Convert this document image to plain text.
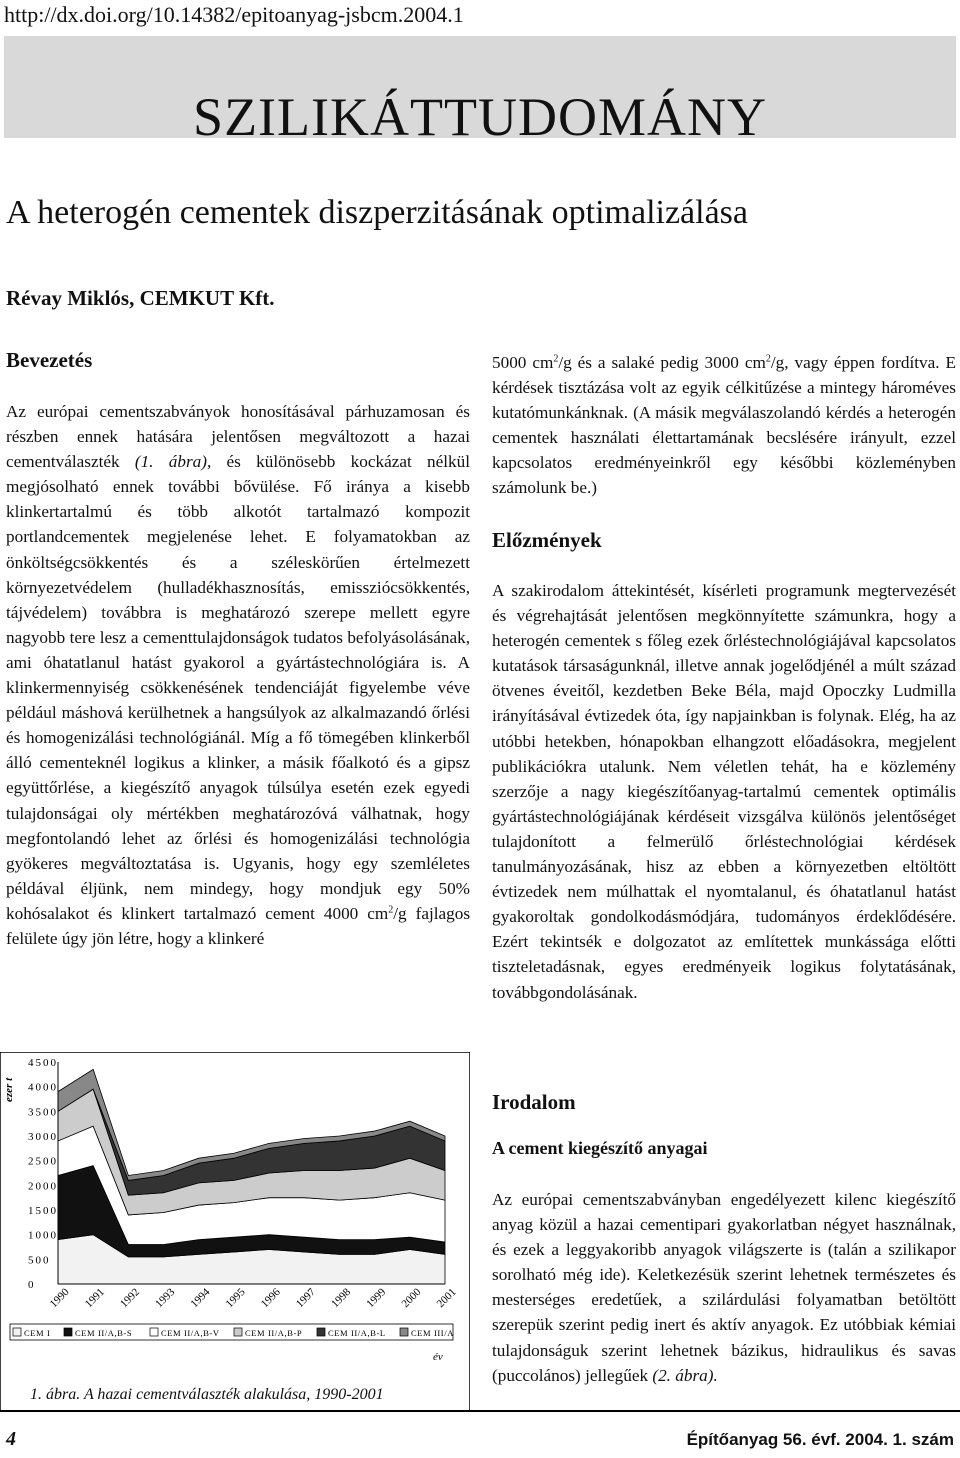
http://dx.doi.org/10.14382/epitoanyag-jsbcm.2004.1
SZILIKÁTTUDOMÁNY
A heterogén cementek diszperzitásának optimalizálása
Révay Miklós, CEMKUT Kft.
Bevezetés

Az európai cementszabványok honosításával párhuzamosan és részben ennek hatására jelentősen megváltozott a hazai cementválaszték (1. ábra), és különösebb kockázat nélkül megjósolható ennek további bővülése. Fő iránya a kisebb klinkertartalmú és több alkotót tartalmazó kompozit portlandcementek megjelenése lehet. E folyamatokban az önköltségcsökkentés és a széleskörűen értelmezett környezetvédelem (hulladékhasznosítás, emissziócsökkentés, tájvédelem) továbbra is meghatározó szerepe mellett egyre nagyobb tere lesz a cementtulajdonságok tudatos befolyásolásának, ami óhatatlanul hatást gyakorol a gyártástechnológiára is. A klinkermennyiség csökkenésének tendenciáját figyelembe véve például máshová kerülhetnek a hangsúlyok az alkalmazandó őrlési és homogenizálási technológiánál. Míg a fő tömegében klinkerből álló cementeknél logikus a klinker, a másik főalkotó és a gipsz együttőrlése, a kiegészítő anyagok túlsúlya esetén ezek egyedi tulajdonságai oly mértékben meghatározóvá válhatnak, hogy megfontolandó lehet az őrlési és homogenizálási technológia gyökeres megváltoztatása is. Ugyanis, hogy egy szemléletes példával éljünk, nem mindegy, hogy mondjuk egy 50% kohósalakot és klinkert tartalmazó cement 4000 $cm^2/g$ fajlagos felülete úgy jön létre, hogy a klinkeré

5000 $cm^2/g$ és a salaké pedig 3000 $cm^2/g$, vagy éppen fordítva. E kérdések tisztázása volt az egyik célkitűzése a mintegy hároméves kutatómunkánknak. (A másik megválaszolandó kérdés a heterogén cementek használati élettartamának becslésére irányult, ezzel kapcsolatos eredményeinkről egy későbbi közleményben számolunk be.)

Előzmények

A szakirodalom áttekintését, kísérleti programunk megtervezését és végrehajtását jelentősen megkönnyítette számunkra, hogy a heterogén cementek s főleg ezek őrléstechnológiájával kapcsolatos kutatások társaságunknál, illetve annak jogelődjénél a múlt század ötvenes éveitől, kezdetben Beke Béla, majd Opoczky Ludmilla irányításával évtizedek óta, így napjainkban is folynak. Elég, ha az utóbbi hetekben, hónapokban elhangzott előadásokra, megjelent publikációkra utalunk. Nem véletlen tehát, ha e közlemény szerzője a nagy kiegészítőanyag-tartalmú cementek optimális gyártástechnológiájának kérdéseit vizsgálva különös jelentőséget tulajdonított a felmerülő őrléstechnológiai kérdések tanulmányozásának, hisz az ebben a környezetben eltöltött évtizedek nem múlhattak el nyomtalanul, és óhatatlanul hatást gyakoroltak gondolkodásmódjára, tudományos érdeklődésére. Ezért tekintsék e dolgozatot az említettek munkássága előtti tiszteletadásnak, egyes eredményeik logikus folytatásának, továbbgondolásának.

Irodalom
A cement kiegészítő anyagai

Az európai cementszabványban engedélyezett kilenc kiegészítő anyag közül a hazai cementipari gyakorlatban négyet használnak, és ezek a leggyakoribb anyagok világszerte is (talán a szilikapor sorolható még ide). Keletkezésük szerint lehetnek természetes és mesterséges eredetűek, a szilárdulási folyamatban betöltött szerepük szerint pedig inert és aktív anyagok. Ez utóbbiak kémiai tulajdonságuk szerint lehetnek bázikus, hidraulikus és savas (puccolános) jellegűek (2. ábra).

ezer t
év
4500
4000
3500
3000
2500
2000
1500
1000
500
0
1990 1991 1992 1993 1994 1995 1996 1997 1998 1999 2000 2001
CEM I	CEM II/A,B-S	CEM II/A,B-V	CEM II/A,B-P	CEM II/A,B-L	CEM III/A
1. ábra. A hazai cementválaszték alakulása, 1990-2001
4	Építőanyag 56. évf. 2004. 1. szám
